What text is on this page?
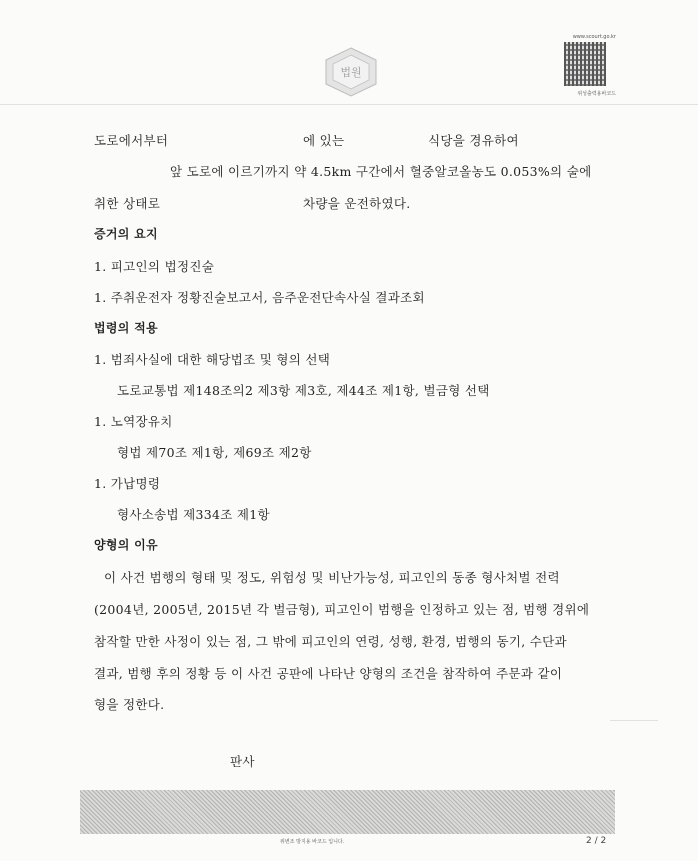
법원
www.scourt.go.kr
위성출력용바코드
도로에서부터	에 있는	식당을 경유하여
앞 도로에 이르기까지 약 4.5km 구간에서 혈중알코올농도 0.053%의 술에
취한 상태로	차량을 운전하였다.
증거의 요지
1. 피고인의 법정진술
1. 주취운전자 정황진술보고서, 음주운전단속사실 결과조회
법령의 적용
1. 범죄사실에 대한 해당법조 및 형의 선택
도로교통법 제148조의2 제3항 제3호, 제44조 제1항, 벌금형 선택
1. 노역장유치
형법 제70조 제1항, 제69조 제2항
1. 가납명령
형사소송법 제334조 제1항
양형의 이유
이 사건 범행의 형태 및 정도, 위험성 및 비난가능성, 피고인의 동종 형사처벌 전력
(2004년, 2005년, 2015년 각 벌금형), 피고인이 범행을 인정하고 있는 점, 범행 경위에
참작할 만한 사정이 있는 점, 그 밖에 피고인의 연령, 성행, 환경, 범행의 동기, 수단과
결과, 범행 후의 정황 등 이 사건 공판에 나타난 양형의 조건을 참작하여 주문과 같이
형을 정한다.
판사
위변조 방지용 바코드 입니다.	2 / 2
